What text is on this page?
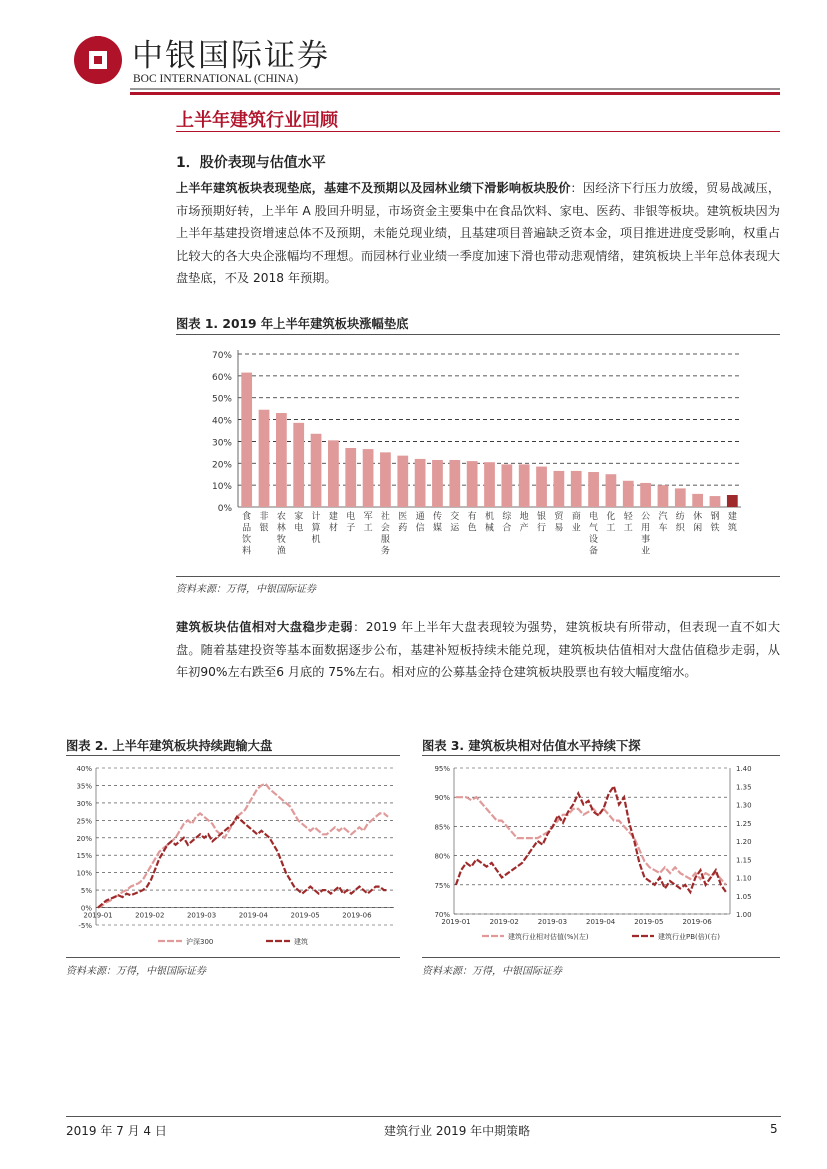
中银国际证券
BOC INTERNATIONAL (CHINA)
上半年建筑行业回顾
1．股价表现与估值水平
上半年建筑板块表现垫底，基建不及预期以及园林业绩下滑影响板块股价：因经济下行压力放缓，贸易战减压，市场预期好转，上半年 A 股回升明显，市场资金主要集中在食品饮料、家电、医药、非银等板块。建筑板块因为上半年基建投资增速总体不及预期，未能兑现业绩，且基建项目普遍缺乏资本金，项目推进进度受影响，权重占比较大的各大央企涨幅均不理想。而园林行业业绩一季度加速下滑也带动悲观情绪，建筑板块上半年总体表现大盘垫底，不及 2018 年预期。
图表 1. 2019 年上半年建筑板块涨幅垫底
0%
10%
20%
30%
40%
50%
60%
70%
食
品
饮
料
非
银
农
林
牧
渔
家
电
计
算
机
建
材
电
子
军
工
社
会
服
务
医
药
通
信
传
媒
交
运
有
色
机
械
综
合
地
产
银
行
贸
易
商
业
电
气
设
备
化
工
轻
工
公
用
事
业
汽
车
纺
织
休
闲
钢
铁
建
筑
资料来源：万得，中银国际证券
建筑板块估值相对大盘稳步走弱：2019 年上半年大盘表现较为强势，建筑板块有所带动，但表现一直不如大盘。随着基建投资等基本面数据逐步公布，基建补短板持续未能兑现，建筑板块估值相对大盘估值稳步走弱，从年初90%左右跌至6 月底的 75%左右。相对应的公募基金持仓建筑板块股票也有较大幅度缩水。
图表 2. 上半年建筑板块持续跑输大盘
-5%
0%
5%
10%
15%
20%
25%
30%
35%
40%
2019-01	2019-02	2019-03	2019-04	2019-05	2019-06
沪深300	建筑
资料来源：万得，中银国际证券
图表 3. 建筑板块相对估值水平持续下探
70%
75%
80%
85%
90%
95%
1.00
1.05
1.10
1.15
1.20
1.25
1.30
1.35
1.40
2019-01	2019-02	2019-03	2019-04	2019-05	2019-06
建筑行业相对估值(%)(左)	建筑行业PB(倍)(右)
资料来源：万得，中银国际证券
2019 年 7 月 4 日	建筑行业 2019 年中期策略	5
